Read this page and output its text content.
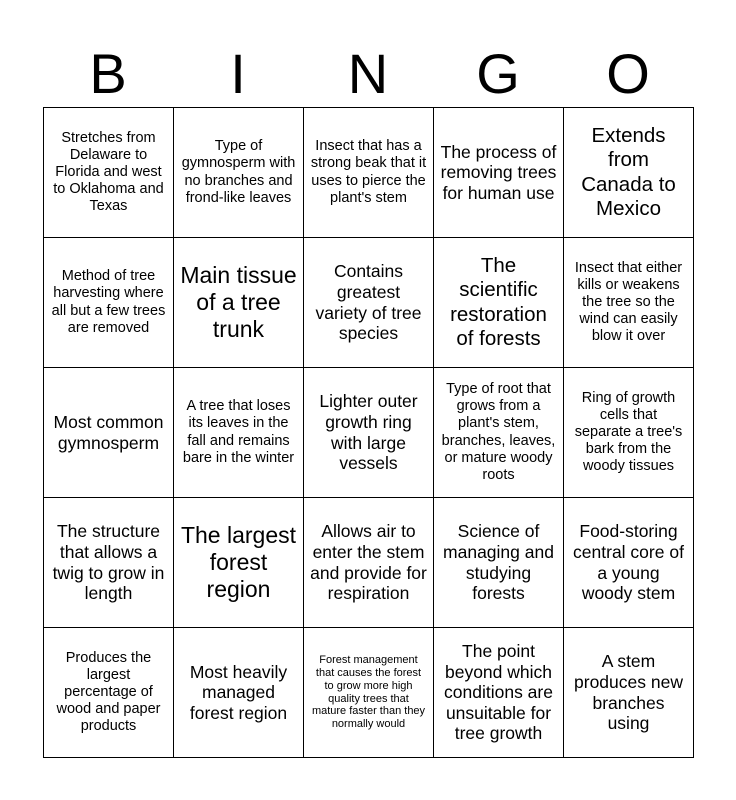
B	I	N	G	O
Stretches from Delaware to Florida and west to Oklahoma and Texas	Type of gymnosperm with no branches and frond-like leaves	Insect that has a strong beak that it uses to pierce the plant's stem	The process of removing trees for human use	Extends from Canada to Mexico
Method of tree harvesting where all but a few trees are removed	Main tissue of a tree trunk	Contains greatest variety of tree species	The scientific restoration of forests	Insect that either kills or weakens the tree so the wind can easily blow it over
Most common gymnosperm	A tree that loses its leaves in the fall and remains bare in the winter	Lighter outer growth ring with large vessels	Type of root that grows from a plant's stem, branches, leaves, or mature woody roots	Ring of growth cells that separate a tree's bark from the woody tissues
The structure that allows a twig to grow in length	The largest forest region	Allows air to enter the stem and provide for respiration	Science of managing and studying forests	Food-storing central core of a young woody stem
Produces the largest percentage of wood and paper products	Most heavily managed forest region	Forest management that causes the forest to grow more high quality trees that mature faster than they normally would	The point beyond which conditions are unsuitable for tree growth	A stem produces new branches using
